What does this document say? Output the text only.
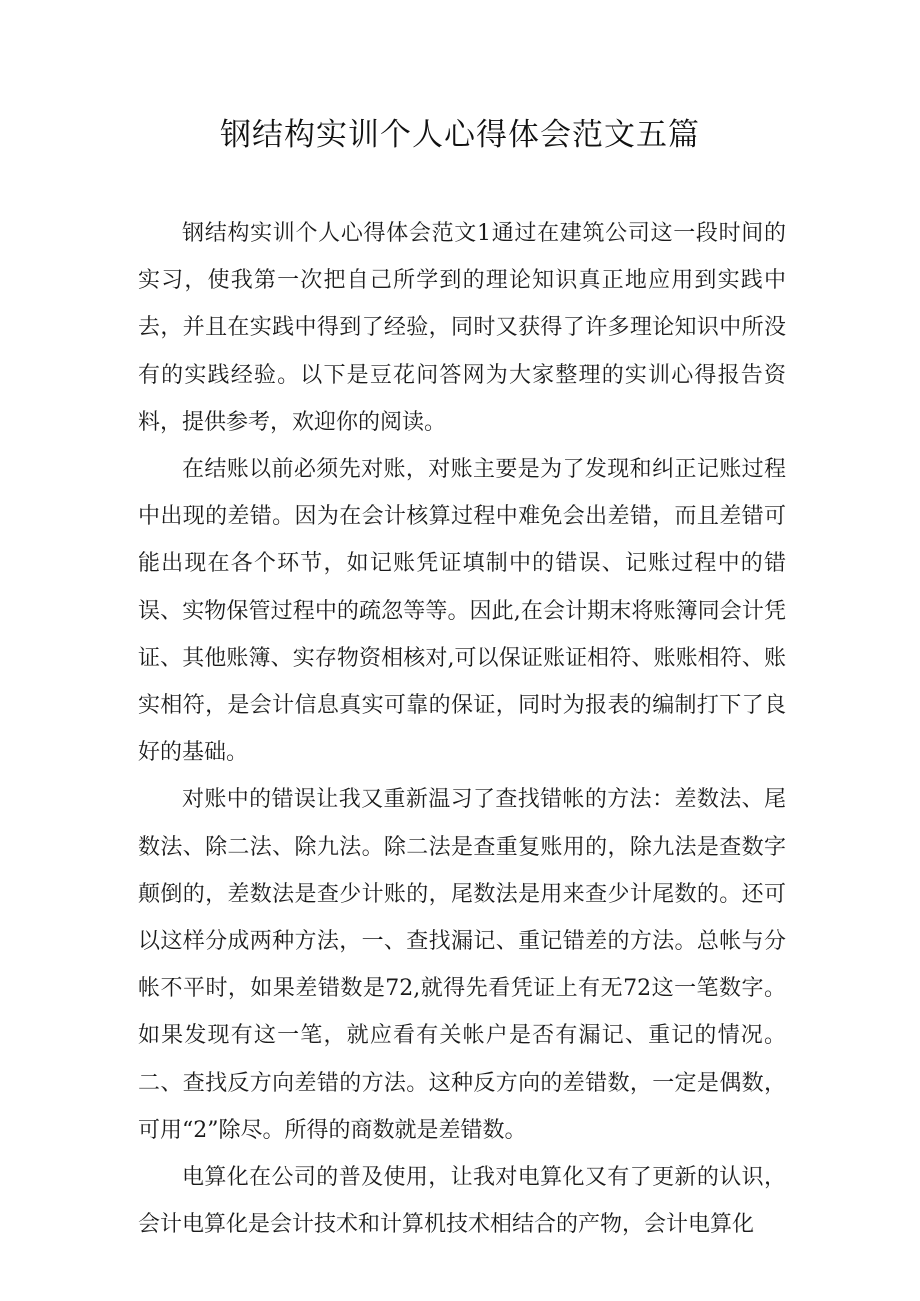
钢结构实训个人心得体会范文五篇

钢结构实训个人心得体会范文1通过在建筑公司这一段时间的实习，使我第一次把自己所学到的理论知识真正地应用到实践中去，并且在实践中得到了经验，同时又获得了许多理论知识中所没有的实践经验。以下是豆花问答网为大家整理的实训心得报告资料，提供参考，欢迎你的阅读。

在结账以前必须先对账，对账主要是为了发现和纠正记账过程中出现的差错。因为在会计核算过程中难免会出差错，而且差错可能出现在各个环节，如记账凭证填制中的错误、记账过程中的错误、实物保管过程中的疏忽等等。因此,在会计期末将账簿同会计凭证、其他账簿、实存物资相核对,可以保证账证相符、账账相符、账实相符，是会计信息真实可靠的保证，同时为报表的编制打下了良好的基础。

对账中的错误让我又重新温习了查找错帐的方法：差数法、尾数法、除二法、除九法。除二法是查重复账用的，除九法是查数字颠倒的，差数法是查少计账的，尾数法是用来查少计尾数的。还可以这样分成两种方法，一、查找漏记、重记错差的方法。总帐与分帐不平时，如果差错数是72,就得先看凭证上有无72这一笔数字。如果发现有这一笔，就应看有关帐户是否有漏记、重记的情况。二、查找反方向差错的方法。这种反方向的差错数，一定是偶数，可用“2”除尽。所得的商数就是差错数。

电算化在公司的普及使用，让我对电算化又有了更新的认识，会计电算化是会计技术和计算机技术相结合的产物，会计电算化
